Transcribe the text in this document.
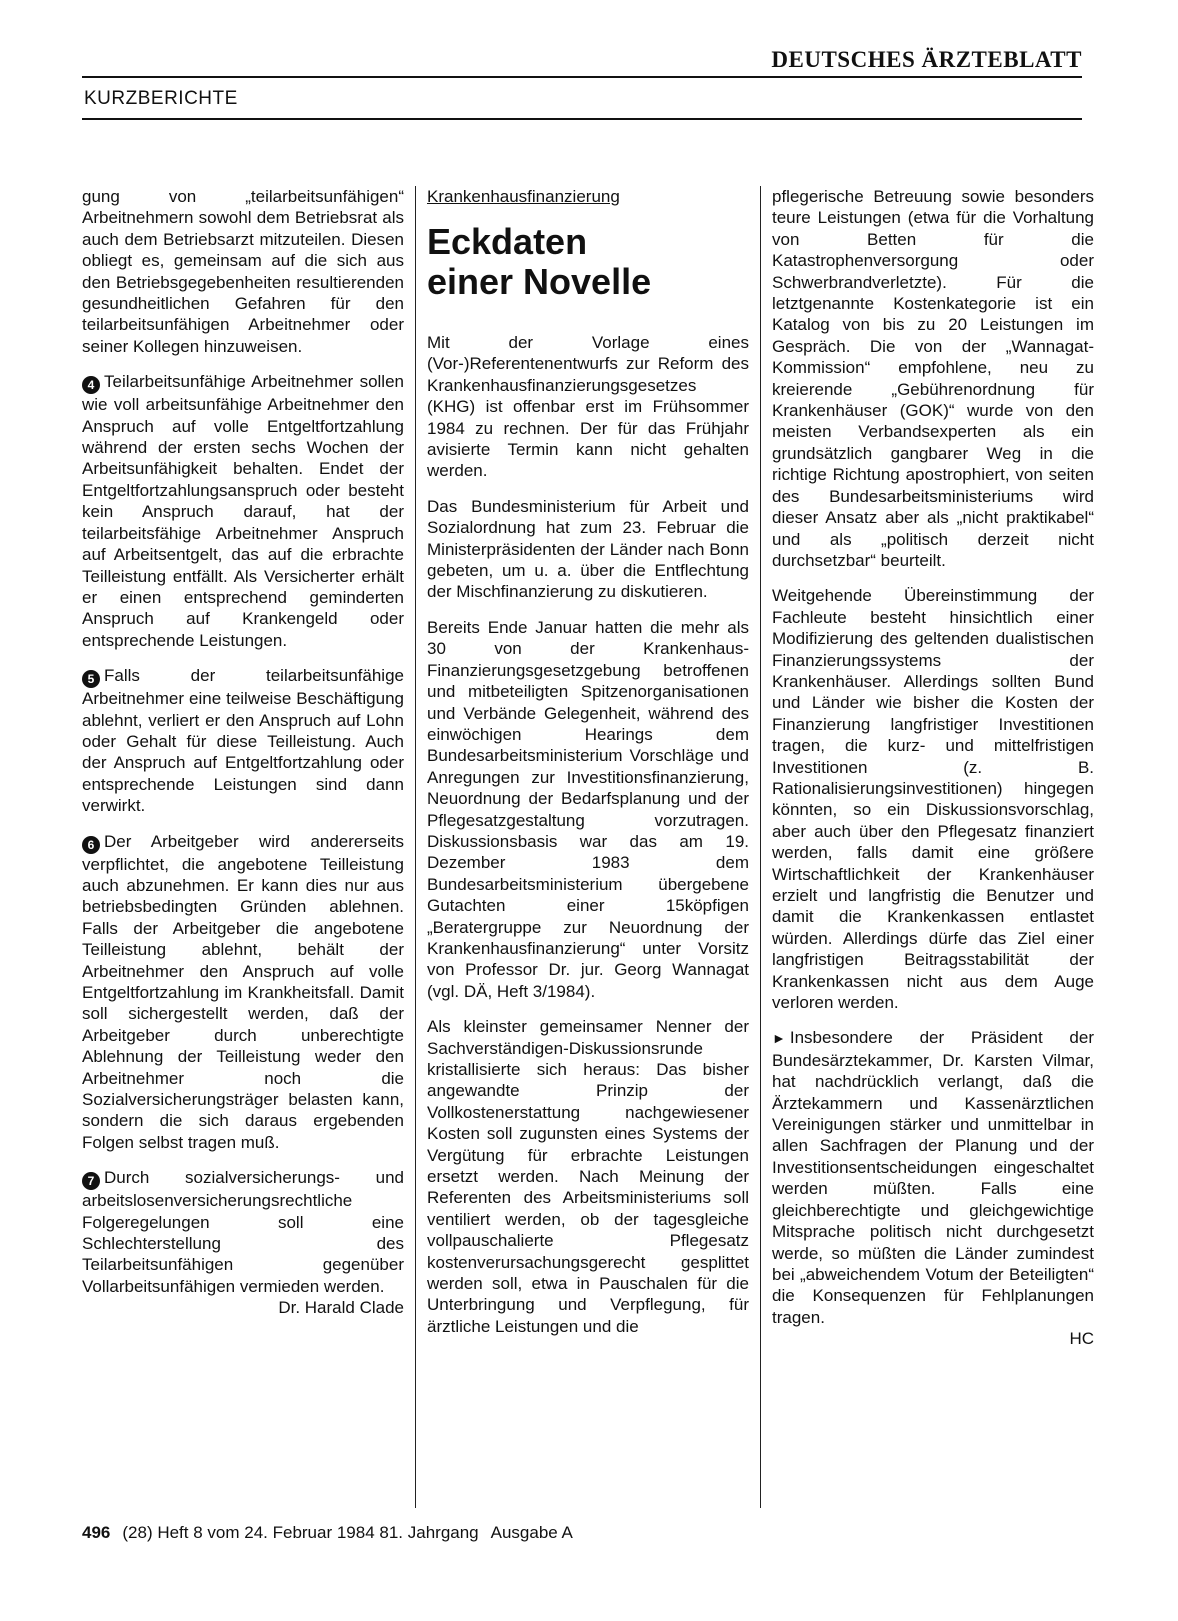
DEUTSCHES ÄRZTEBLATT
KURZBERICHTE

gung von „teilarbeitsunfähigen“ Arbeitnehmern sowohl dem Betriebsrat als auch dem Betriebsarzt mitzuteilen. Diesen obliegt es, gemeinsam auf die sich aus den Betriebsgegebenheiten resultierenden gesundheitlichen Gefahren für den teilarbeitsunfähigen Arbeitnehmer oder seiner Kollegen hinzuweisen.

4 Teilarbeitsunfähige Arbeitnehmer sollen wie voll arbeitsunfähige Arbeitnehmer den Anspruch auf volle Entgeltfortzahlung während der ersten sechs Wochen der Arbeitsunfähigkeit behalten. Endet der Entgeltfortzahlungsanspruch oder besteht kein Anspruch darauf, hat der teilarbeitsfähige Arbeitnehmer Anspruch auf Arbeitsentgelt, das auf die erbrachte Teilleistung entfällt. Als Versicherter erhält er einen entsprechend geminderten Anspruch auf Krankengeld oder entsprechende Leistungen.

5 Falls der teilarbeitsunfähige Arbeitnehmer eine teilweise Beschäftigung ablehnt, verliert er den Anspruch auf Lohn oder Gehalt für diese Teilleistung. Auch der Anspruch auf Entgeltfortzahlung oder entsprechende Leistungen sind dann verwirkt.

6 Der Arbeitgeber wird andererseits verpflichtet, die angebotene Teilleistung auch abzunehmen. Er kann dies nur aus betriebsbedingten Gründen ablehnen. Falls der Arbeitgeber die angebotene Teilleistung ablehnt, behält der Arbeitnehmer den Anspruch auf volle Entgeltfortzahlung im Krankheitsfall. Damit soll sichergestellt werden, daß der Arbeitgeber durch unberechtigte Ablehnung der Teilleistung weder den Arbeitnehmer noch die Sozialversicherungsträger belasten kann, sondern die sich daraus ergebenden Folgen selbst tragen muß.

7 Durch sozialversicherungs- und arbeitslosenversicherungsrechtliche Folgeregelungen soll eine Schlechterstellung des Teilarbeitsunfähigen gegenüber Vollarbeitsunfähigen vermieden werden.

Dr. Harald Clade
Krankenhausfinanzierung
Eckdaten
einer Novelle

Mit der Vorlage eines (Vor-)Referentenentwurfs zur Reform des Krankenhausfinanzierungsgesetzes (KHG) ist offenbar erst im Frühsommer 1984 zu rechnen. Der für das Frühjahr avisierte Termin kann nicht gehalten werden.

Das Bundesministerium für Arbeit und Sozialordnung hat zum 23. Februar die Ministerpräsidenten der Länder nach Bonn gebeten, um u. a. über die Entflechtung der Mischfinanzierung zu diskutieren.

Bereits Ende Januar hatten die mehr als 30 von der Krankenhaus-Finanzierungsgesetzgebung betroffenen und mitbeteiligten Spitzenorganisationen und Verbände Gelegenheit, während des einwöchigen Hearings dem Bundesarbeitsministerium Vorschläge und Anregungen zur Investitionsfinanzierung, Neuordnung der Bedarfsplanung und der Pflegesatzgestaltung vorzutragen. Diskussionsbasis war das am 19. Dezember 1983 dem Bundesarbeitsministerium übergebene Gutachten einer 15köpfigen „Beratergruppe zur Neuordnung der Krankenhausfinanzierung“ unter Vorsitz von Professor Dr. jur. Georg Wannagat (vgl. DÄ, Heft 3/1984).

Als kleinster gemeinsamer Nenner der Sachverständigen-Diskussionsrunde kristallisierte sich heraus: Das bisher angewandte Prinzip der Vollkostenerstattung nachgewiesener Kosten soll zugunsten eines Systems der Vergütung für erbrachte Leistungen ersetzt werden. Nach Meinung der Referenten des Arbeitsministeriums soll ventiliert werden, ob der tagesgleiche vollpauschalierte Pflegesatz kostenverursachungsgerecht gesplittet werden soll, etwa in Pauschalen für die Unterbringung und Verpflegung, für ärztliche Leistungen und die

pflegerische Betreuung sowie besonders teure Leistungen (etwa für die Vorhaltung von Betten für die Katastrophenversorgung oder Schwerbrandverletzte). Für die letztgenannte Kostenkategorie ist ein Katalog von bis zu 20 Leistungen im Gespräch. Die von der „Wannagat-Kommission“ empfohlene, neu zu kreierende „Gebührenordnung für Krankenhäuser (GOK)“ wurde von den meisten Verbandsexperten als ein grundsätzlich gangbarer Weg in die richtige Richtung apostrophiert, von seiten des Bundesarbeitsministeriums wird dieser Ansatz aber als „nicht praktikabel“ und als „politisch derzeit nicht durchsetzbar“ beurteilt.

Weitgehende Übereinstimmung der Fachleute besteht hinsichtlich einer Modifizierung des geltenden dualistischen Finanzierungssystems der Krankenhäuser. Allerdings sollten Bund und Länder wie bisher die Kosten der Finanzierung langfristiger Investitionen tragen, die kurz- und mittelfristigen Investitionen (z. B. Rationalisierungsinvestitionen) hingegen könnten, so ein Diskussionsvorschlag, aber auch über den Pflegesatz finanziert werden, falls damit eine größere Wirtschaftlichkeit der Krankenhäuser erzielt und langfristig die Benutzer und damit die Krankenkassen entlastet würden. Allerdings dürfe das Ziel einer langfristigen Beitragsstabilität der Krankenkassen nicht aus dem Auge verloren werden.

► Insbesondere der Präsident der Bundesärztekammer, Dr. Karsten Vilmar, hat nachdrücklich verlangt, daß die Ärztekammern und Kassenärztlichen Vereinigungen stärker und unmittelbar in allen Sachfragen der Planung und der Investitionsentscheidungen eingeschaltet werden müßten. Falls eine gleichberechtigte und gleichgewichtige Mitsprache politisch nicht durchgesetzt werde, so müßten die Länder zumindest bei „abweichendem Votum der Beteiligten“ die Konsequenzen für Fehlplanungen tragen.

HC
496 (28) Heft 8 vom 24. Februar 1984 81. Jahrgang Ausgabe A
